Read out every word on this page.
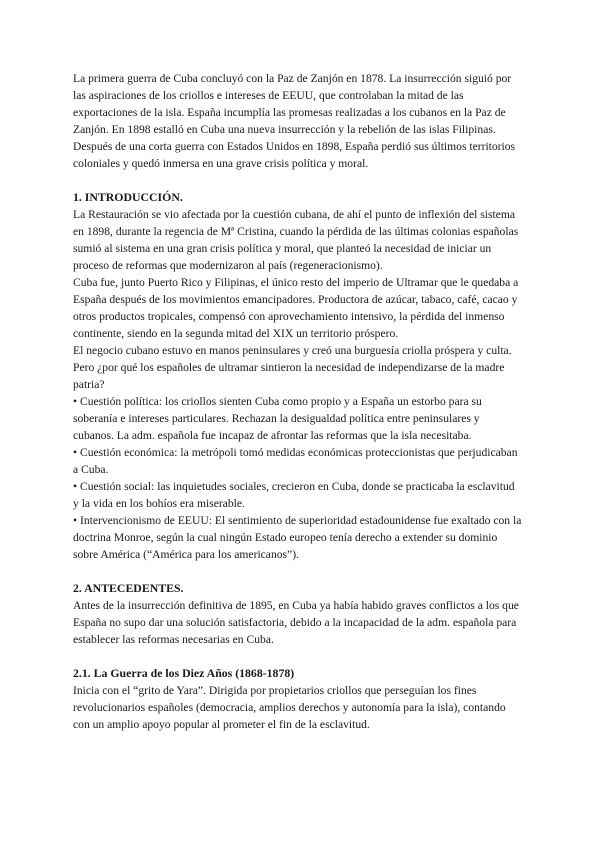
La primera guerra de Cuba concluyó con la Paz de Zanjón en 1878. La insurrección siguió por las aspiraciones de los criollos e intereses de EEUU, que controlaban la mitad de las exportaciones de la isla. España incumplía las promesas realizadas a los cubanos en la Paz de Zanjón. En 1898 estalló en Cuba una nueva insurrección y la rebelión de las islas Filipinas. Después de una corta guerra con Estados Unidos en 1898, España perdió sus últimos territorios coloniales y quedó inmersa en una grave crisis política y moral.

1. INTRODUCCIÓN.

La Restauración se vio afectada por la cuestión cubana, de ahí el punto de inflexión del sistema en 1898, durante la regencia de Mª Cristina, cuando la pérdida de las últimas colonias españolas sumió al sistema en una gran crisis política y moral, que planteó la necesidad de iniciar un proceso de reformas que modernizaron al país (regeneracionismo).

Cuba fue, junto Puerto Rico y Filipinas, el único resto del imperio de Ultramar que le quedaba a España después de los movimientos emancipadores. Productora de azúcar, tabaco, café, cacao y otros productos tropicales, compensó con aprovechamiento intensivo, la pérdida del inmenso continente, siendo en la segunda mitad del XIX un territorio próspero.

El negocio cubano estuvo en manos peninsulares y creó una burguesía criolla próspera y culta. Pero ¿por qué los españoles de ultramar sintieron la necesidad de independizarse de la madre patria?

• Cuestión política: los criollos sienten Cuba como propio y a España un estorbo para su soberanía e intereses particulares. Rechazan la desigualdad política entre peninsulares y cubanos. La adm. española fue incapaz de afrontar las reformas que la isla necesitaba.

• Cuestión económica: la metrópoli tomó medidas económicas proteccionistas que perjudicaban a Cuba.

• Cuestión social: las inquietudes sociales, crecieron en Cuba, donde se practicaba la esclavitud y la vida en los bohíos era miserable.

• Intervencionismo de EEUU: El sentimiento de superioridad estadounidense fue exaltado con la doctrina Monroe, según la cual ningún Estado europeo tenía derecho a extender su dominio sobre América (“América para los americanos”).

2. ANTECEDENTES.

Antes de la insurrección definitiva de 1895, en Cuba ya había habido graves conflictos a los que España no supo dar una solución satisfactoria, debido a la incapacidad de la adm. española para establecer las reformas necesarias en Cuba.

2.1. La Guerra de los Diez Años (1868-1878)

Inicia con el “grito de Yara”. Dirigida por propietarios criollos que perseguían los fines revolucionarios españoles (democracia, amplios derechos y autonomía para la isla), contando con un amplio apoyo popular al prometer el fin de la esclavitud.
